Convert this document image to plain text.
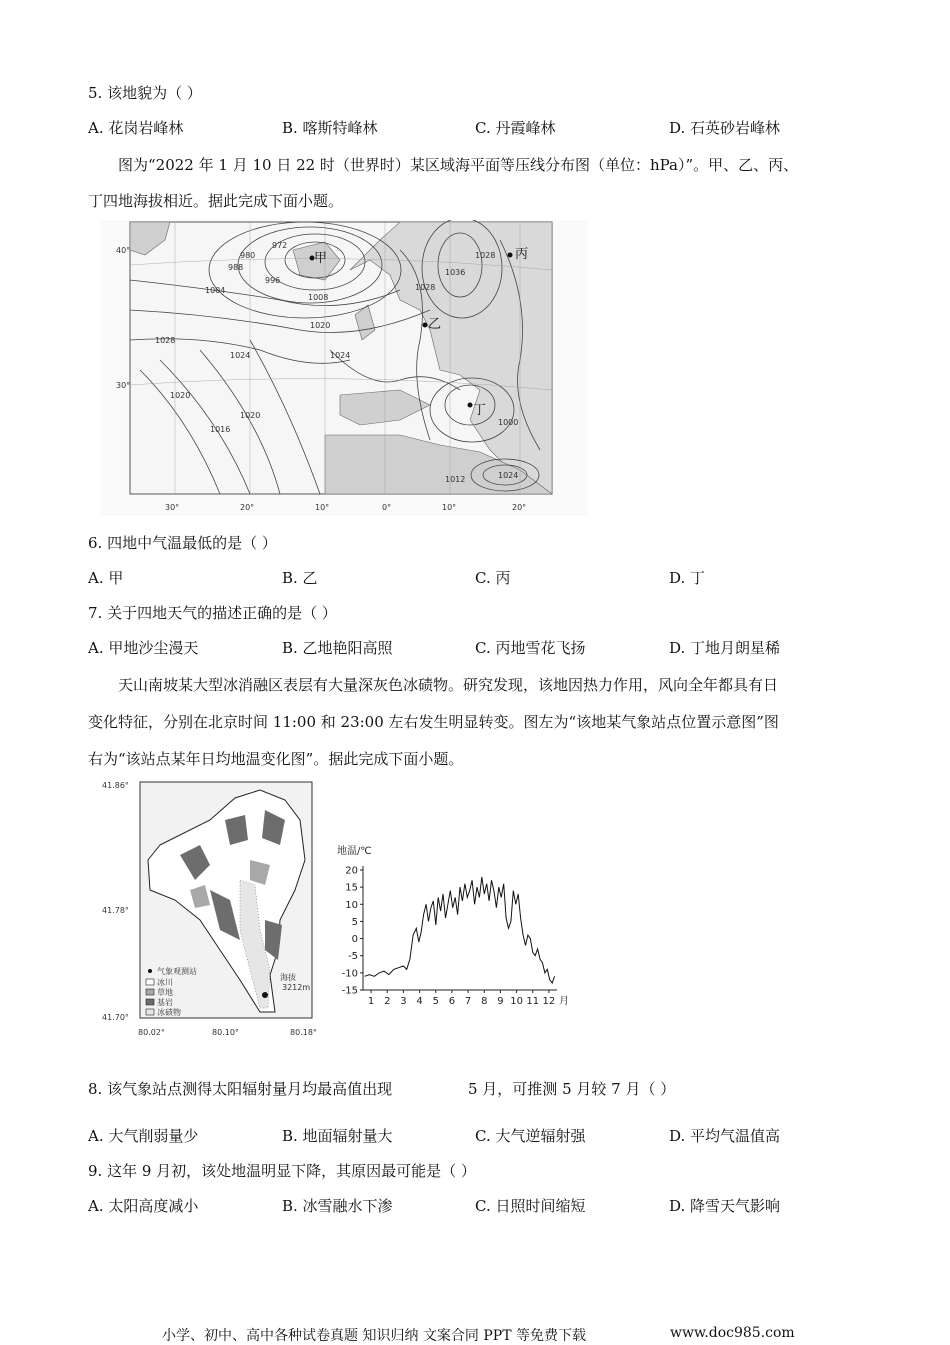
5. 该地貌为（ ）
A. 花岗岩峰林	B. 喀斯特峰林	C. 丹霞峰林	D. 石英砂岩峰林
图为“2022 年 1 月 10 日 22 时（世界时）某区域海平面等压线分布图（单位：hPa）”。甲、乙、丙、
丁四地海拔相近。据此完成下面小题。
甲	丙
乙
丁
40°
30°
30°	20°	10°	0°	10°	20°
972
980
988
996
1004
1008
1020
1028
1024
1020
1016
1020
1024
1028
1036
1028
1000
1012	1024
6. 四地中气温最低的是（ ）
A. 甲	B. 乙	C. 丙	D. 丁
7. 关于四地天气的描述正确的是（ ）
A. 甲地沙尘漫天	B. 乙地艳阳高照	C. 丙地雪花飞扬	D. 丁地月朗星稀
天山南坡某大型冰消融区表层有大量深灰色冰碛物。研究发现，该地因热力作用，风向全年都具有日
变化特征，分别在北京时间 11:00 和 23:00 左右发生明显转变。图左为“该地某气象站点位置示意图”图
右为“该站点某年日均地温变化图”。据此完成下面小题。
海拔
3212m
气象观测站
冰川
草地
基岩
冰碛物
41.86°
41.78°
41.70°
80.02°	80.10°	80.18°
地温/℃
20
15
10
5
0
-5
-10
-15
1 2 3 4 5 6 7 8 9 10 11 12 月
8. 该气象站点测得太阳辐射量月均最高值出现	5 月，可推测 5 月较 7 月（ ）
A. 大气削弱量少	B. 地面辐射量大	C. 大气逆辐射强	D. 平均气温值高
9. 这年 9 月初，该处地温明显下降，其原因最可能是（ ）
A. 太阳高度减小	B. 冰雪融水下渗	C. 日照时间缩短	D. 降雪天气影响
小学、初中、高中各种试卷真题 知识归纳 文案合同 PPT 等免费下载	www.doc985.com
